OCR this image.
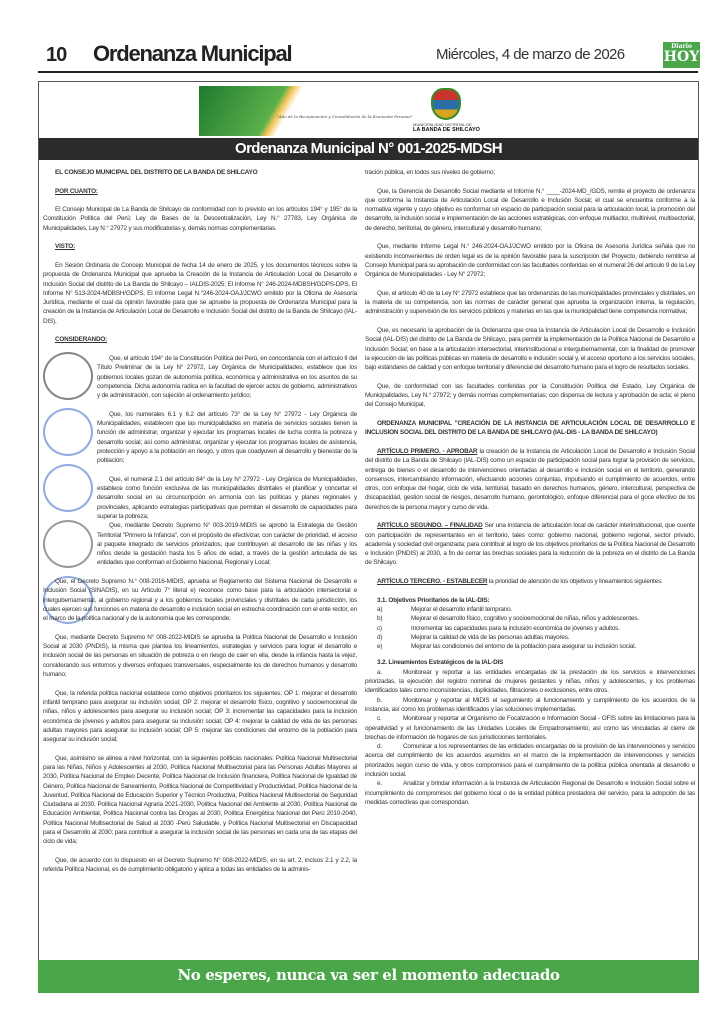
10 Ordenanza Municipal	Miércoles, 4 de marzo de 2026	Diario
HOY
"Año de la Recuperación y Consolidación de la Economía Peruana"
MUNICIPALIDAD DISTRITAL DE
LA BANDA DE SHILCAYO
Ordenanza Municipal N° 001-2025-MDSH
EL CONSEJO MUNICIPAL DEL DISTRITO DE LA BANDA DE SHILCAYO
POR CUANTO:
El Consejo Municipal de La Banda de Shilcayo de conformidad con lo previsto en los artículos 194° y 195° de la Constitución Política del Perú; Ley de Bases de la Descentralización, Ley N.° 27783, Ley Orgánica de Municipalidades, Ley N.° 27972 y sus modificatorias y, demás normas complementarias.
VISTO:
En Sesión Ordinaria de Concejo Municipal de fecha 14 de enero de 2025, y los documentos técnicos sobre la propuesta de Ordenanza Municipal que aprueba la Creación de la Instancia de Articulación Local de Desarrollo e Inclusión Social del distrito de La Banda de Shilcayo – IALDIS-2025; El Informe N° 246-2024-MDBSH/GDPS-DPS, El Informe N° 513-2024-MDBSH/GDPS, El Informe Legal N.°246-2024-OAJ/JCWO emitido por la Oficina de Asesoría Jurídica, mediante el cual da opinión favorable para que se apruebe la propuesta de Ordenanza Municipal para la creación de la Instancia de Articulación Local de Desarrollo e Inclusión Social del distrito de la Banda de Shilcayo (IAL-DIS),
CONSIDERANDO:
Que, el artículo 194° de la Constitución Política del Perú, en concordancia con el artículo II del Título Preliminar de la Ley N° 27972, Ley Orgánica de Municipalidades, establece que los gobiernos locales gozan de autonomía política, económica y administrativa en los asuntos de su competencia. Dicha autonomía radica en la facultad de ejercer actos de gobierno, administrativos y de administración, con sujeción al ordenamiento jurídico;
Que, los numerales 6.1 y 6.2 del artículo 73° de la Ley N° 27972 - Ley Orgánica de Municipalidades, establecen que las municipalidades en materia de servicios sociales tienen la función de administrar, organizar y ejecutar los programas locales de lucha contra la pobreza y desarrollo social; así como administrar, organizar y ejecutar los programas locales de asistencia, protección y apoyo a la población en riesgo, y otros que coadyuven al desarrollo y bienestar de la población;
Que, el numeral 2.1 del artículo 84° de la Ley N° 27972 - Ley Orgánica de Municipalidades, establece como función exclusiva de las municipalidades distritales el planificar y concertar el desarrollo social en su circunscripción en armonía con las políticas y planes regionales y provinciales, aplicando estrategias participativas que permitan el desarrollo de capacidades para superar la pobreza;
Que, mediante Decreto Supremo N° 003-2019-MIDIS se aprobó la Estrategia de Gestión Territorial "Primero la Infancia", con el propósito de efectivizar, con carácter de prioridad, el acceso al paquete integrado de servicios priorizados, que contribuyen al desarrollo de las niñas y los niños desde la gestación hasta los 5 años de edad, a través de la gestión articulada de las entidades que conforman el Gobierno Nacional, Regional y Local;
Que, el Decreto Supremo N.° 008-2016-MIDIS, aprueba el Reglamento del Sistema Nacional de Desarrollo e Inclusión Social (SINADIS), en su Artículo 7° literal e) reconoce como base para la articulación intersectorial e intergubernamental, al gobierno regional y a los gobiernos locales provinciales y distritales de cada jurisdicción, los cuales ejercen sus funciones en materia de desarrollo e inclusión social en estrecha coordinación con el ente rector, en el marco de la política nacional y de la autonomía que les corresponde;
Que, mediante Decreto Supremo N° 008-2022-MIDIS se aprueba la Política Nacional de Desarrollo e Inclusión Social al 2030 (PNDIS), la misma que plantea los lineamientos, estrategias y servicios para lograr el desarrollo e inclusión social de las personas en situación de pobreza o en riesgo de caer en ella, desde la infancia hasta la vejez, considerando sus entornos y diversos enfoques transversales, especialmente los de derechos humanos y desarrollo humano;
Que, la referida política nacional establece como objetivos prioritarios los siguientes: OP 1: mejorar el desarrollo infantil temprano para asegurar su inclusión social; OP 2: mejorar el desarrollo físico, cognitivo y socioemocional de niñas, niños y adolescentes para asegurar su inclusión social; OP 3: incrementar las capacidades para la inclusión económica de jóvenes y adultos para asegurar su inclusión social; OP 4: mejorar la calidad de vida de las personas adultas mayores para asegurar su inclusión social; OP 5: mejorar las condiciones del entorno de la población para asegurar su inclusión social;
Que, asimismo se alinea a nivel horizontal, con la siguientes políticas nacionales: Política Nacional Multisectorial para las Niñas, Niños y Adolescentes al 2030, Política Nacional Multisectorial para las Personas Adultas Mayores al 2030, Política Nacional de Empleo Decente, Política Nacional de Inclusión financiera, Política Nacional de Igualdad de Género, Política Nacional de Saneamiento, Política Nacional de Competitividad y Productividad, Política Nacional de la Juventud, Política Nacional de Educación Superior y Técnico Productiva, Política Nacional Multisectorial de Seguridad Ciudadana al 2030, Política Nacional Agraria 2021-2030, Política Nacional del Ambiente al 2030, Política Nacional de Educación Ambiental, Política Nacional contra las Drogas al 2030, Política Energética Nacional del Perú 2010-2040, Política Nacional Multisectorial de Salud al 2030 -Perú Saludable, y Política Nacional Multisectorial en Discapacidad para el Desarrollo al 2030; para contribuir a asegurar la inclusión social de las personas en cada una de las etapas del ciclo de vida;
Que, de acuerdo con lo dispuesto en el Decreto Supremo N° 008-2022-MIDIS, en su art. 2, incisos 2.1 y 2.2, la referida Política Nacional, es de cumplimiento obligatorio y aplica a todas las entidades de la adminis-
tración pública, en todos sus niveles de gobierno;
Que, la Gerencia de Desarrollo Social mediante el Informe N.° ____-2024-MD_/GDS, remite el proyecto de ordenanza que conforma la Instancia de Articulación Local de Desarrollo e Inclusión Social; el cual se encuentra conforme a la normativa vigente y cuyo objetivo es conformar un espacio de participación social para la articulación local, la promoción del desarrollo, la inclusión social e implementación de las acciones estratégicas, con enfoque multiactor, multinivel, multisectorial, de derecho, territorial, de género, intercultural y desarrollo humano;
Que, mediante Informe Legal N.° 246-2024-OAJ/JCWO emitido por la Oficina de Asesoría Jurídica señala que no existiendo inconvenientes de orden legal es de la opinión favorable para la suscripción del Proyecto, debiendo remitirse al Consejo Municipal para su aprobación de conformidad con las facultades conferidas en el numeral 26 del artículo 9 de la Ley Orgánica de Municipalidades - Ley N° 27972;
Que, el artículo 40 de la Ley N° 27972 establece que las ordenanzas de las municipalidades provinciales y distritales, en la materia de su competencia, son las normas de carácter general que aprueba la organización interna, la regulación, administración y supervisión de los servicios públicos y materias en las que la municipalidad tiene competencia normativa;
Que, es necesario la aprobación de la Ordenanza que crea la Instancia de Articulación Local de Desarrollo e Inclusión Social (IAL-DIS) del distrito de La Banda de Shilcayo, para permitir la implementación de la Política Nacional de Desarrollo e Inclusión Social; en base a la articulación intersectorial, interinstitucional e intergubernamental, con la finalidad de promover la ejecución de las políticas públicas en materia de desarrollo e inclusión social y, el acceso oportuno a los servicios sociales, bajo estándares de calidad y con enfoque territorial y diferencial del desarrollo humano para el logro de resultados sociales.
Que, de conformidad con las facultades conferidas por la Constitución Política del Estado, Ley Orgánica de Municipalidades, Ley N.° 27972; y demás normas complementarias; con dispensa de lectura y aprobación de acta; el pleno del Consejo Municipal,
ORDENANZA MUNICIPAL "CREACIÓN DE LA INSTANCIA DE ARTICULACIÓN LOCAL DE DESARROLLO E INCLUSION SOCIAL DEL DISTRITO DE LA BANDA DE SHILCAYO (IAL-DIS - LA BANDA DE SHILCAYO)
ARTÍCULO PRIMERO. - APROBAR la creación de la Instancia de Articulación Local de Desarrollo e Inclusión Social del distrito de La Banda de Shilcayo (IAL-DIS) como un espacio de participación social para lograr la provisión de servicios, entrega de bienes o el desarrollo de intervenciones orientadas al desarrollo e inclusión social en el territorio, generando consensos, intercambiando información, efectuando acciones conjuntas, impulsando el cumplimiento de acuerdos, entre otros, con enfoque del hogar, ciclo de vida, territorial, basado en derechos humanos, género, intercultural, perspectiva de discapacidad, gestión social de riesgos, desarrollo humano, gerontológico, enfoque diferencial para el goce efectivo de los derechos de la persona mayor y curso de vida.
ARTÍCULO SEGUNDO. – FINALIDAD Ser una instancia de articulación local de carácter interinstitucional, que cuente con participación de representantes en el territorio, tales como: gobierno nacional, gobierno regional, sector privado, academia y sociedad civil organizada; para contribuir al logro de los objetivos prioritarios de la Política Nacional de Desarrollo e Inclusión (PNDIS) al 2030, a fin de cerrar las brechas sociales para la reducción de la pobreza en el distrito de La Banda de Shilcayo.
ARTÍCULO TERCERO. - ESTABLECER la prioridad de atención de los objetivos y lineamientos siguientes:
3.1. Objetivos Prioritarios de la IAL-DIS:
a)	Mejorar el desarrollo infantil temprano.
b)	Mejorar el desarrollo físico, cognitivo y socioemocional de niñas, niños y adolescentes.
c)	Incrementar las capacidades para la inclusión económica de jóvenes y adultos.
d)	Mejorar la calidad de vida de las personas adultas mayores.
e)	Mejorar las condiciones del entorno de la población para asegurar su inclusión social.
3.2. Lineamientos Estratégicos de la IAL-DIS
a.	Monitorear y reportar a las entidades encargadas de la prestación de los servicios e intervenciones priorizadas, la ejecución del registro nominal de mujeres gestantes y niñas, niños y adolescentes, y los problemas identificados tales como inconsistencias, duplicidades, filtraciones o exclusiones, entre otros.
b.	Monitorear y reportar al MIDIS el seguimiento al funcionamiento y cumplimiento de los acuerdos de la instancia, así como los problemas identificados y las soluciones implementadas.
c.	Monitorear y reportar al Organismo de Focalización e Información Social - OFIS sobre las limitaciones para la operatividad y el funcionamiento de las Unidades Locales de Empadronamiento, así como las vinculadas al cierre de brechas de información de hogares de sus jurisdicciones territoriales.
d.	Comunicar a los representantes de las entidades encargadas de la provisión de las intervenciones y servicios acerca del cumplimiento de los acuerdos asumidos en el marco de la implementación de intervenciones y servicios priorizados según curso de vida, y otros compromisos para el cumplimiento de la política pública orientada al desarrollo e inclusión social.
e.	Analizar y brindar información a la Instancia de Articulación Regional de Desarrollo e Inclusión Social sobre el incumplimiento de compromisos del gobierno local o de la entidad pública prestadora del servicio, para la adopción de las medidas correctivas que correspondan.
No esperes, nunca va ser el momento adecuado
